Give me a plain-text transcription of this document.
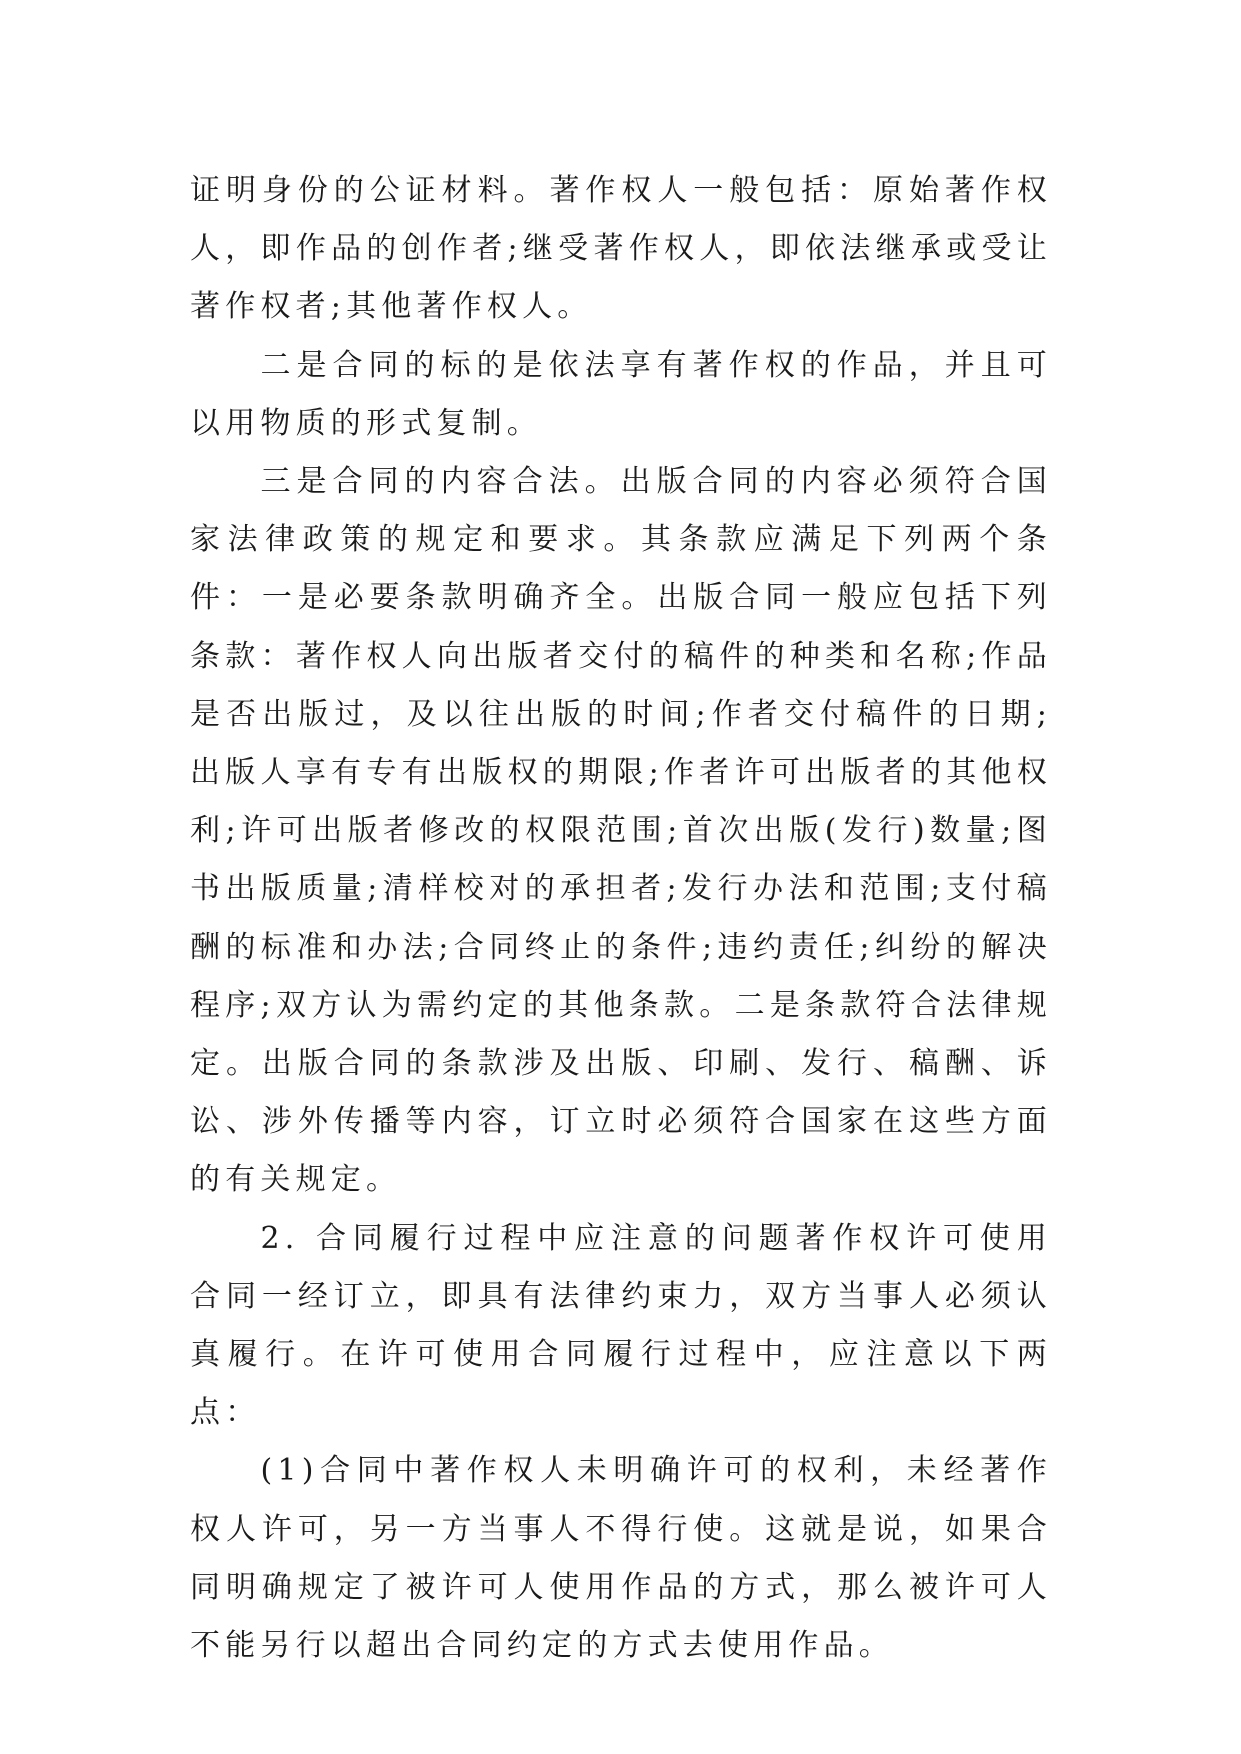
证明身份的公证材料。著作权人一般包括：原始著作权人，即作品的创作者;继受著作权人，即依法继承或受让著作权者;其他著作权人。

二是合同的标的是依法享有著作权的作品，并且可以用物质的形式复制。

三是合同的内容合法。出版合同的内容必须符合国家法律政策的规定和要求。其条款应满足下列两个条件：一是必要条款明确齐全。出版合同一般应包括下列条款：著作权人向出版者交付的稿件的种类和名称;作品是否出版过，及以往出版的时间;作者交付稿件的日期;出版人享有专有出版权的期限;作者许可出版者的其他权利;许可出版者修改的权限范围;首次出版(发行)数量;图书出版质量;清样校对的承担者;发行办法和范围;支付稿酬的标准和办法;合同终止的条件;违约责任;纠纷的解决程序;双方认为需约定的其他条款。二是条款符合法律规定。出版合同的条款涉及出版、印刷、发行、稿酬、诉讼、涉外传播等内容，订立时必须符合国家在这些方面的有关规定。

2. 合同履行过程中应注意的问题著作权许可使用合同一经订立，即具有法律约束力，双方当事人必须认真履行。在许可使用合同履行过程中，应注意以下两点：

(1)合同中著作权人未明确许可的权利，未经著作权人许可，另一方当事人不得行使。这就是说，如果合同明确规定了被许可人使用作品的方式，那么被许可人不能另行以超出合同约定的方式去使用作品。
